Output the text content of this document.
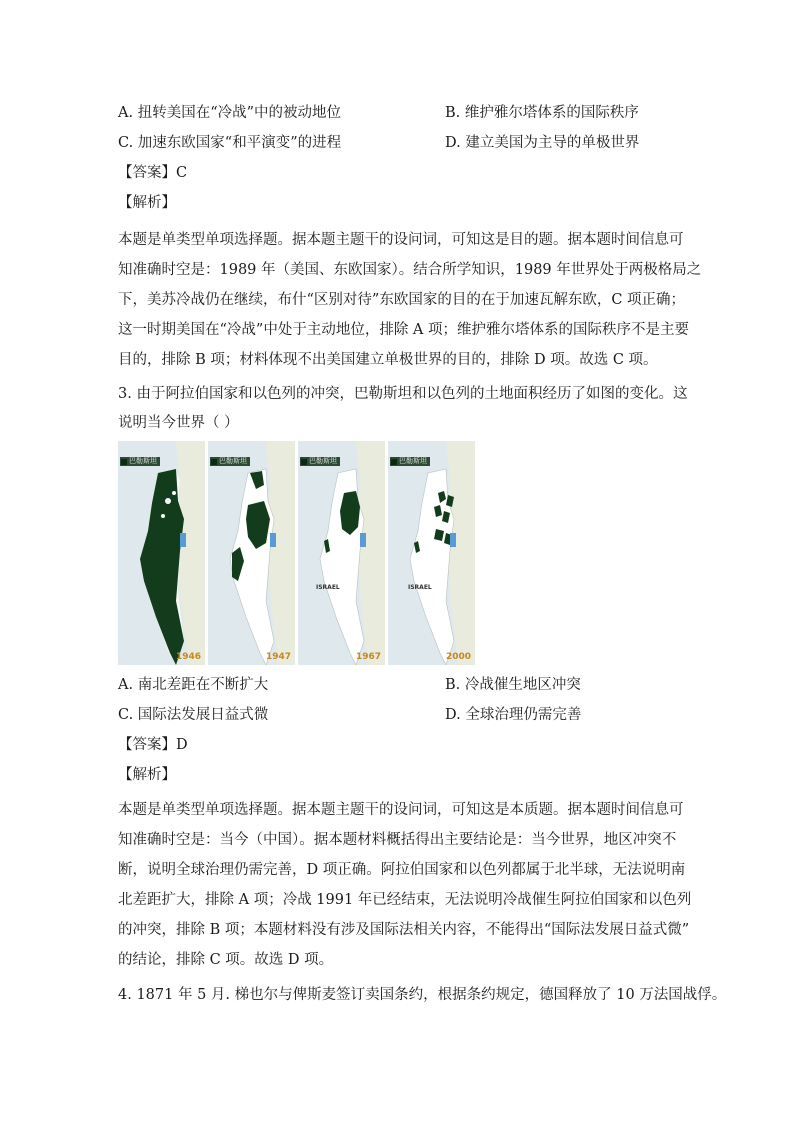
A. 扭转美国在“冷战”中的被动地位	B. 维护雅尔塔体系的国际秩序
C. 加速东欧国家“和平演变”的进程	D. 建立美国为主导的单极世界
【答案】C
【解析】
本题是单类型单项选择题。据本题主题干的设问词，可知这是目的题。据本题时间信息可
知准确时空是：1989 年（美国、东欧国家）。结合所学知识，1989 年世界处于两极格局之
下，美苏冷战仍在继续，布什“区别对待”东欧国家的目的在于加速瓦解东欧，C 项正确；
这一时期美国在“冷战”中处于主动地位，排除 A 项；维护雅尔塔体系的国际秩序不是主要
目的，排除 B 项；材料体现不出美国建立单极世界的目的，排除 D 项。故选 C 项。
3. 由于阿拉伯国家和以色列的冲突，巴勒斯坦和以色列的土地面积经历了如图的变化。这
说明当今世界（ ）
巴勒斯坦
1946
巴勒斯坦
1947
巴勒斯坦
ISRAEL
1967
巴勒斯坦
ISRAEL
2000
A. 南北差距在不断扩大	B. 冷战催生地区冲突
C. 国际法发展日益式微	D. 全球治理仍需完善
【答案】D
【解析】
本题是单类型单项选择题。据本题主题干的设问词，可知这是本质题。据本题时间信息可
知准确时空是：当今（中国）。据本题材料概括得出主要结论是：当今世界，地区冲突不
断，说明全球治理仍需完善，D 项正确。阿拉伯国家和以色列都属于北半球，无法说明南
北差距扩大，排除 A 项；冷战 1991 年已经结束，无法说明冷战催生阿拉伯国家和以色列
的冲突，排除 B 项；本题材料没有涉及国际法相关内容，不能得出“国际法发展日益式微”
的结论，排除 C 项。故选 D 项。
4. 1871 年 5 月. 梯也尔与俾斯麦签订卖国条约，根据条约规定，德国释放了 10 万法国战俘。
